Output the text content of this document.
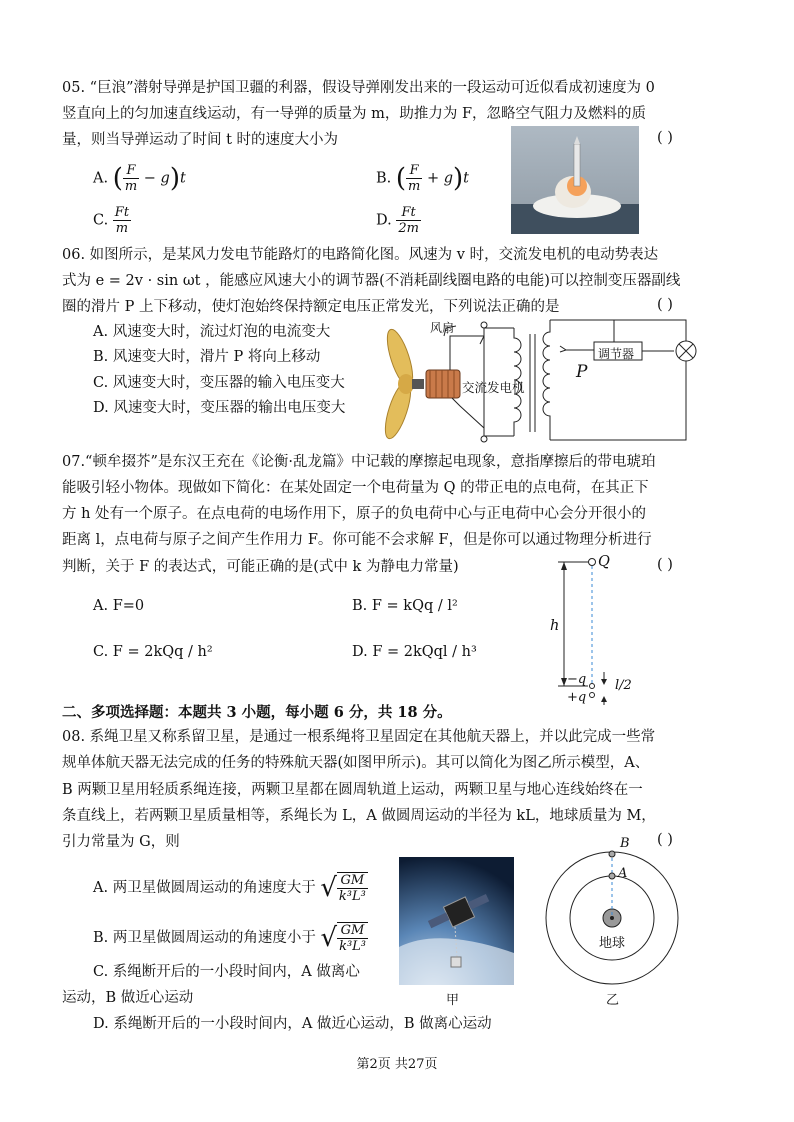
05. “巨浪”潜射导弹是护国卫疆的利器，假设导弹刚发出来的一段运动可近似看成初速度为 0
竖直向上的匀加速直线运动，有一导弹的质量为 m，助推力为 F，忽略空气阻力及燃料的质
量，则当导弹运动了时间 t 时的速度大小为	( )
A. ( $\frac{F}{m} - g)t$	B. ( $\frac{F}{m} + g)t$
C. $\frac{Ft}{m}$	D. $\frac{Ft}{2m}$
06. 如图所示，是某风力发电节能路灯的电路简化图。风速为 v 时，交流发电机的电动势表达
式为 e = 2v · sin ωt ，能感应风速大小的调节器(不消耗副线圈电路的电能)可以控制变压器副线
圈的滑片 P 上下移动，使灯泡始终保持额定电压正常发光，下列说法正确的是	( )
A. 风速变大时，流过灯泡的电流变大
B. 风速变大时，滑片 P 将向上移动
C. 风速变大时，变压器的输入电压变大
D. 风速变大时，变压器的输出电压变大
风扇
交流发电机
调节器
P
07.“顿牟掇芥”是东汉王充在《论衡·乱龙篇》中记载的摩擦起电现象，意指摩擦后的带电琥珀
能吸引轻小物体。现做如下简化：在某处固定一个电荷量为 Q 的带正电的点电荷，在其正下
方 h 处有一个原子。在点电荷的电场作用下，原子的负电荷中心与正电荷中心会分开很小的
距离 l，点电荷与原子之间产生作用力 F。你可能不会求解 F，但是你可以通过物理分析进行
判断，关于 F 的表达式，可能正确的是(式中 k 为静电力常量)	( )
A. F=0	B. F = kQq / l²
C. F = 2kQq / h²	D. F = 2kQql / h³
Q
h
−q
+q
l/2
二、多项选择题：本题共 3 小题，每小题 6 分，共 18 分。
08. 系绳卫星又称系留卫星，是通过一根系绳将卫星固定在其他航天器上，并以此完成一些常
规单体航天器无法完成的任务的特殊航天器(如图甲所示)。其可以简化为图乙所示模型，A、
B 两颗卫星用轻质系绳连接，两颗卫星都在圆周轨道上运动，两颗卫星与地心连线始终在一
条直线上，若两颗卫星质量相等，系绳长为 L，A 做圆周运动的半径为 kL，地球质量为 M，
引力常量为 G，则	( )
A. 两卫星做圆周运动的角速度大于 √ $\frac{GM}{\text{k³L³}}$
B. 两卫星做圆周运动的角速度小于 √ $\frac{GM}{\text{k³L³}}$
C. 系绳断开后的一小段时间内，A 做离心
运动，B 做近心运动
D. 系绳断开后的一小段时间内，A 做近心运动，B 做离心运动
甲
B
A
地球
乙
第2页 共27页
